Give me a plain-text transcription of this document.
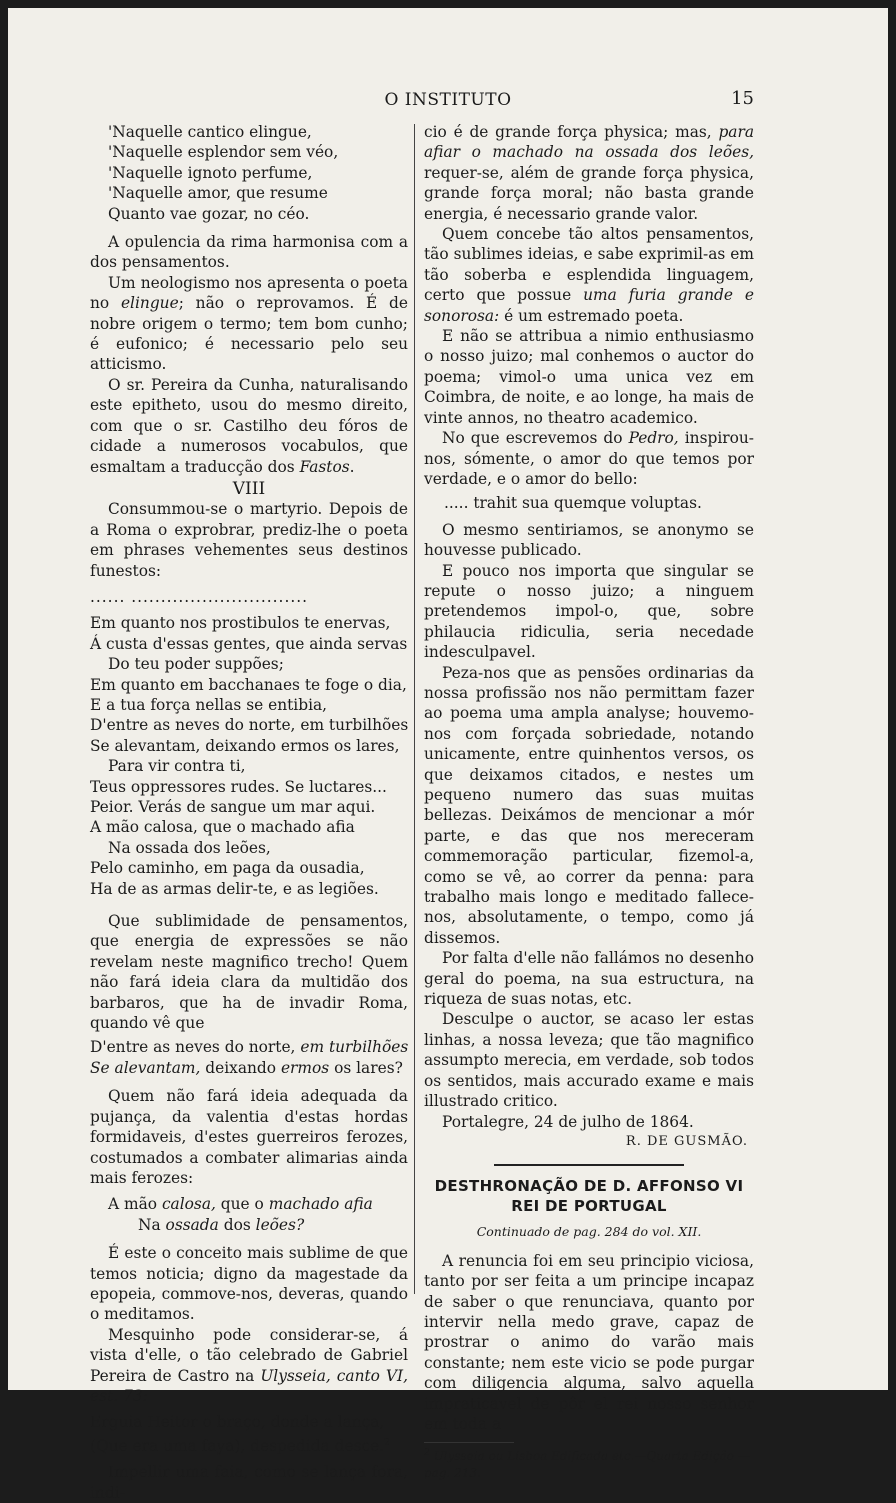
O INSTITUTO	15
'Naquelle cantico elingue,
'Naquelle esplendor sem véo,
'Naquelle ignoto perfume,
'Naquelle amor, que resume
Quanto vae gozar, no céo.

A opulencia da rima harmonisa com a dos pensamentos.

Um neologismo nos apresenta o poeta no elingue; não o reprovamos. É de nobre origem o termo; tem bom cunho; é eufonico; é necessario pelo seu atticismo.

O sr. Pereira da Cunha, naturalisando este epitheto, usou do mesmo direito, com que o sr. Castilho deu fóros de cidade a numerosos vocabulos, que esmaltam a traducção dos Fastos.

VIII

Consummou-se o martyrio. Depois de a Roma o exprobrar, prediz-lhe o poeta em phrases vehementes seus destinos funestos:

...... ..............................
Em quanto nos prostibulos te enervas,
Á custa d'essas gentes, que ainda servas
Do teu poder suppões;
Em quanto em bacchanaes te foge o dia,
E a tua força nellas se entibia,
D'entre as neves do norte, em turbilhões
Se alevantam, deixando ermos os lares,
Para vir contra ti,
Teus oppressores rudes. Se luctares...
Peior. Verás de sangue um mar aqui.
A mão calosa, que o machado afia
Na ossada dos leões,
Pelo caminho, em paga da ousadia,
Ha de as armas delir-te, e as legiões.

Que sublimidade de pensamentos, que energia de expressões se não revelam neste magnifico trecho! Quem não fará ideia clara da multidão dos barbaros, que ha de invadir Roma, quando vê que

D'entre as neves do norte, em turbilhões
Se alevantam, deixando ermos os lares?

Quem não fará ideia adequada da pujança, da valentia d'estas hordas formidaveis, d'estes guerreiros ferozes, costumados a combater alimarias ainda mais ferozes:

A mão calosa, que o machado afia
Na ossada dos leões?

É este o conceito mais sublime de que temos noticia; digno da magestade da epopeia, commove-nos, deveras, quando o meditamos.

Mesquinho pode considerar-se, á vista d'elle, o tão celebrado de Gabriel Pereira de Castro na Ulysseia, canto VI, est. 73:

Erguia Heitor o braço, donde a lança,
(Que era uma faya), despedida desce.$^2$

Impellir uma faia, como se lança fora, indi-

cio é de grande força physica; mas, para afiar o machado na ossada dos leões, requer-se, além de grande força physica, grande força moral; não basta grande energia, é necessario grande valor.

Quem concebe tão altos pensamentos, tão sublimes ideias, e sabe exprimil-as em tão soberba e esplendida linguagem, certo que possue uma furia grande e sonorosa: é um estremado poeta.

E não se attribua a nimio enthusiasmo o nosso juizo; mal conhemos o auctor do poema; vimol-o uma unica vez em Coimbra, de noite, e ao longe, ha mais de vinte annos, no theatro academico.

No que escrevemos do Pedro, inspirou-nos, sómente, o amor do que temos por verdade, e o amor do bello:

..... trahit sua quemque voluptas.

O mesmo sentiriamos, se anonymo se houvesse publicado.

E pouco nos importa que singular se repute o nosso juizo; a ninguem pretendemos impol-o, que, sobre philaucia ridiculia, seria necedade indesculpavel.

Peza-nos que as pensões ordinarias da nossa profissão nos não permittam fazer ao poema uma ampla analyse; houvemo-nos com forçada sobriedade, notando unicamente, entre quinhentos versos, os que deixamos citados, e nestes um pequeno numero das suas muitas bellezas. Deixámos de mencionar a mór parte, e das que nos mereceram commemoração particular, fizemol-a, como se vê, ao correr da penna: para trabalho mais longo e meditado fallece-nos, absolutamente, o tempo, como já dissemos.

Por falta d'elle não fallámos no desenho geral do poema, na sua estructura, na riqueza de suas notas, etc.

Desculpe o auctor, se acaso ler estas linhas, a nossa leveza; que tão magnifico assumpto merecia, em verdade, sob todos os sentidos, mais accurado exame e mais illustrado critico.

Portalegre, 24 de julho de 1864.
R. DE GUSMÃO.
DESTHRONAÇÃO DE D. AFFONSO VI
REI DE PORTUGAL
Continuado de pag. 284 do vol. XII.

A renuncia foi em seu principio viciosa, tanto por ser feita a um principe incapaz de saber o que renunciava, quanto por intervir nella medo grave, capaz de prostrar o animo do varão mais constante; nem este vicio se pode purgar com diligencia alguma, salvo aquella impraticavel de pôr el rei nosso senhor em toda a

$^2$ Ulysseia ou Lisboa Edificada etc.—Quarta Edição —pag. 213.
